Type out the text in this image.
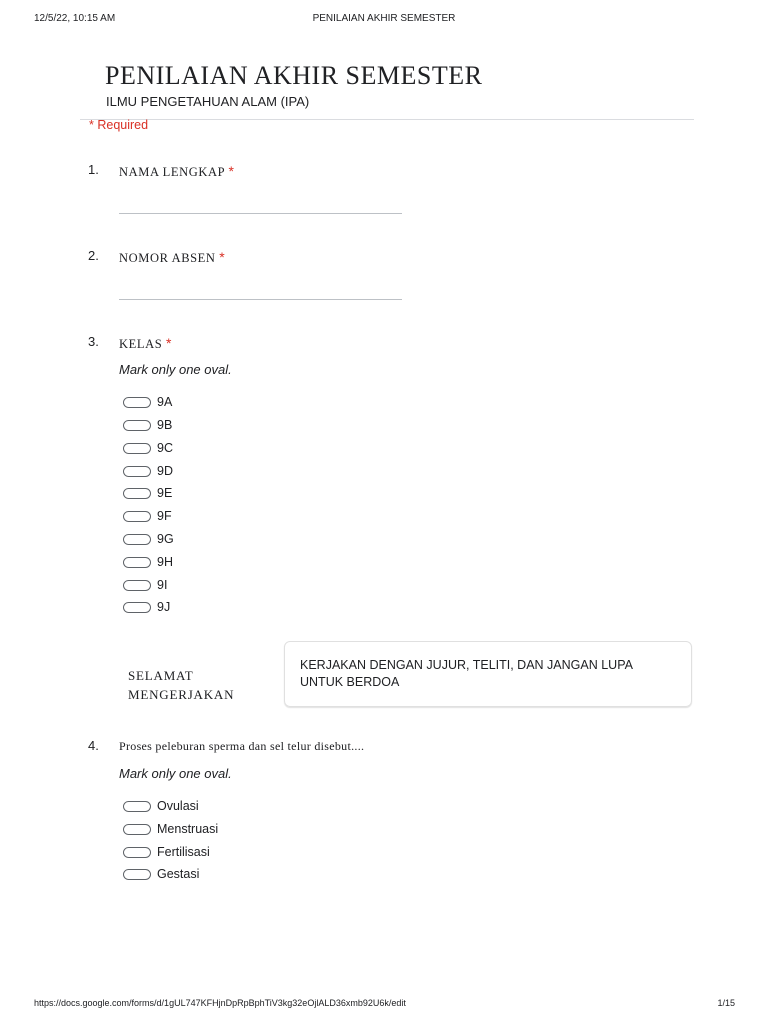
12/5/22, 10:15 AM	PENILAIAN AKHIR SEMESTER
PENILAIAN AKHIR SEMESTER
ILMU PENGETAHUAN ALAM (IPA)
* Required
1. NAMA LENGKAP *
2. NOMOR ABSEN *
3. KELAS *
Mark only one oval.
9A
9B
9C
9D
9E
9F
9G
9H
9I
9J
SELAMAT
MENGERJAKAN
KERJAKAN DENGAN JUJUR, TELITI, DAN JANGAN LUPA UNTUK BERDOA
4. Proses peleburan sperma dan sel telur disebut....
Mark only one oval.
Ovulasi
Menstruasi
Fertilisasi
Gestasi
https://docs.google.com/forms/d/1gUL747KFHjnDpRpBphTiV3kg32eOjlALD36xmb92U6k/edit	1/15
